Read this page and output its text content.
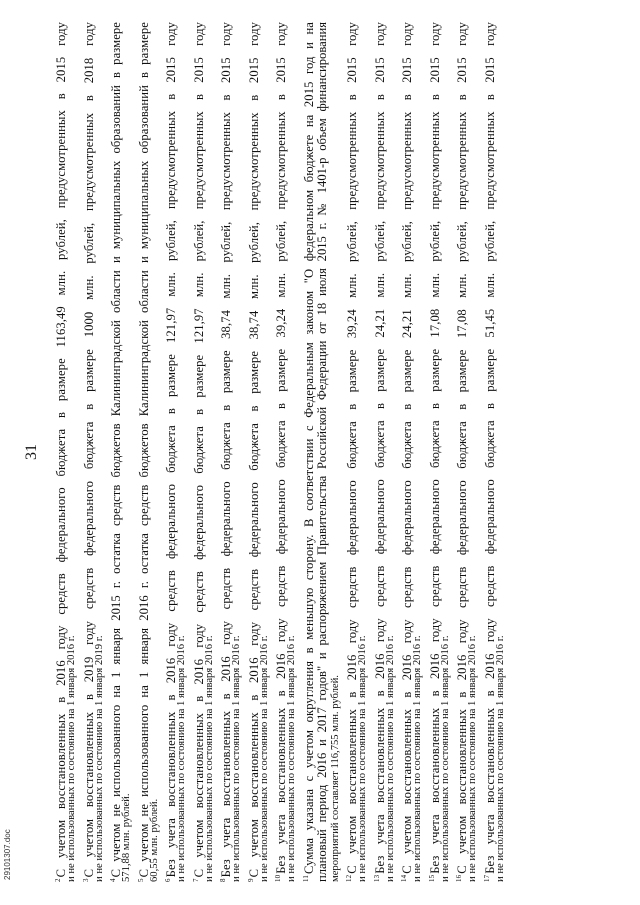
31
$^2$С учетом восстановленных в 2016 году средств федерального бюджета в размере 1163,49 млн. рублей, предусмотренных в 2015 году
и не использованных по состоянию на 1 января 2016 г. $^3$С учетом восстановленных в 2019 году средств федерального бюджета в размере 1000 млн. рублей, предусмотренных в 2018 году
и не использованных по состоянию на 1 января 2019 г. $^4$С учетом не использованного на 1 января 2015 г. остатка средств бюджетов Калининградской области и муниципальных образований в размере
571,88 млн. рублей. $^5$С учетом не использованного на 1 января 2016 г. остатка средств бюджетов Калининградской области и муниципальных образований в размере
60,55 млн. рублей. $^6$Без учета восстановленных в 2016 году средств федерального бюджета в размере 121,97 млн. рублей, предусмотренных в 2015 году
и не использованных по состоянию на 1 января 2016 г. $^7$С учетом восстановленных в 2016 году средств федерального бюджета в размере 121,97 млн. рублей, предусмотренных в 2015 году
и не использованных по состоянию на 1 января 2016 г. $^8$Без учета восстановленных в 2016 году средств федерального бюджета в размере 38,74 млн. рублей, предусмотренных в 2015 году
и не использованных по состоянию на 1 января 2016 г. $^9$С учетом восстановленных в 2016 году средств федерального бюджета в размере 38,74 млн. рублей, предусмотренных в 2015 году
и не использованных по состоянию на 1 января 2016 г. $^{10}$Без учета восстановленных в 2016 году средств федерального бюджета в размере 39,24 млн. рублей, предусмотренных в 2015 году
и не использованных по состоянию на 1 января 2016 г. $^{11}$Сумма указана с учетом округления в меньшую сторону. В соответствии с Федеральным законом "О федеральном бюджете на 2015 год и на плановый период 2016 и 2017 годов" и распоряжением Правительства Российской Федерации от 18 июля 2015 г. № 1401-р объем финансирования мероприятий составляет 116,755 млн. рублей. $^{12}$С учетом восстановленных в 2016 году средств федерального бюджета в размере 39,24 млн. рублей, предусмотренных в 2015 году
и не использованных по состоянию на 1 января 2016 г. $^{13}$Без учета восстановленных в 2016 году средств федерального бюджета в размере 24,21 млн. рублей, предусмотренных в 2015 году
и не использованных по состоянию на 1 января 2016 г. $^{14}$С учетом восстановленных в 2016 году средств федерального бюджета в размере 24,21 млн. рублей, предусмотренных в 2015 году
и не использованных по состоянию на 1 января 2016 г. $^{15}$Без учета восстановленных в 2016 году средств федерального бюджета в размере 17,08 млн. рублей, предусмотренных в 2015 году
и не использованных по состоянию на 1 января 2016 г. $^{16}$С учетом восстановленных в 2016 году средств федерального бюджета в размере 17,08 млн. рублей, предусмотренных в 2015 году
и не использованных по состоянию на 1 января 2016 г. $^{17}$Без учета восстановленных в 2016 году средств федерального бюджета в размере 51,45 млн. рублей, предусмотренных в 2015 году
и не использованных по состоянию на 1 января 2016 г.
29101307.doc
